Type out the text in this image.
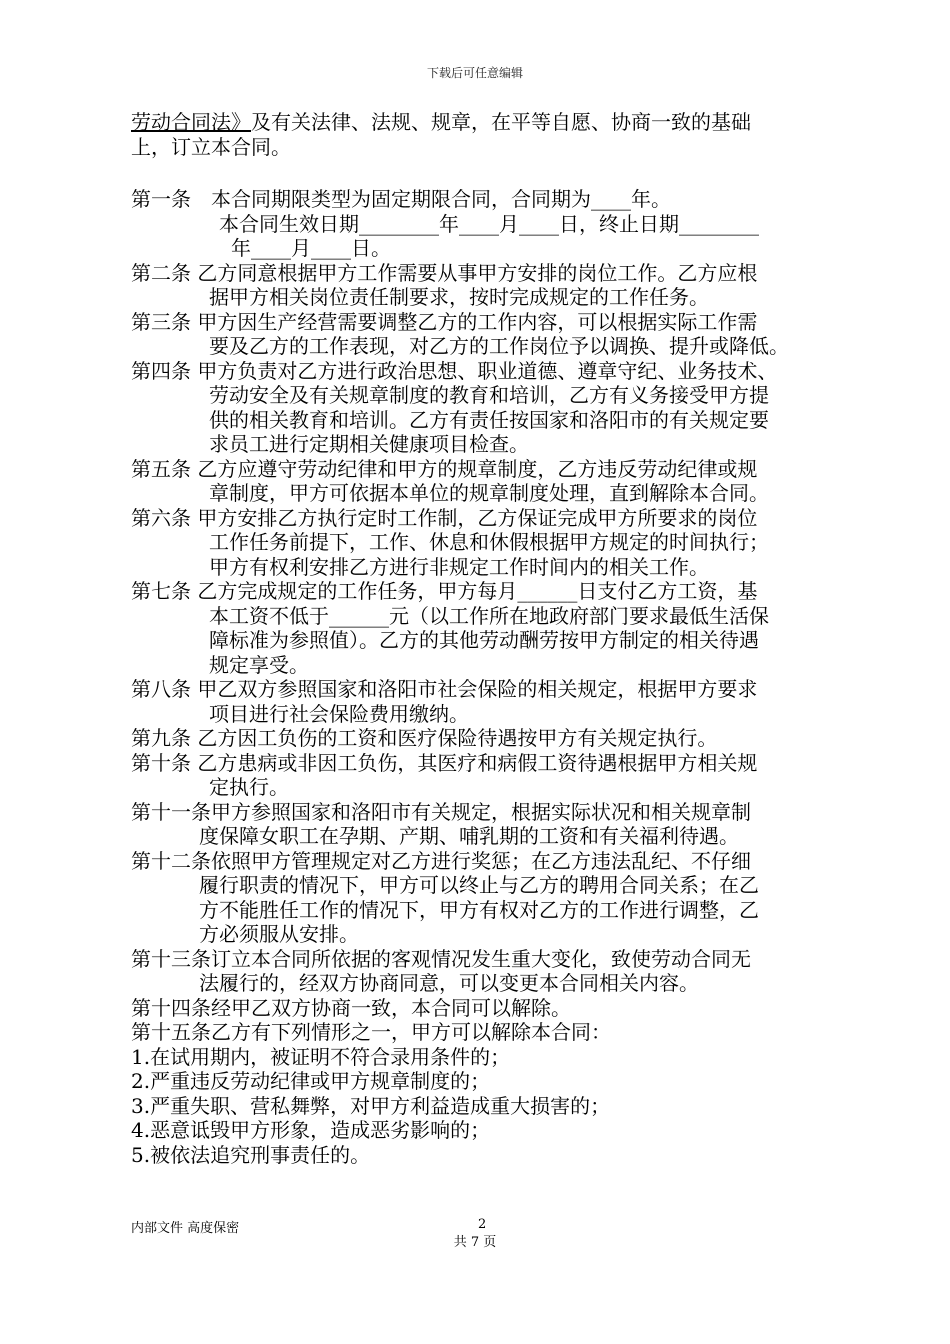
下载后可任意编辑
劳动合同法》及有关法律、法规、规章，在平等自愿、协商一致的基础
上，订立本合同。
第一条　本合同期限类型为固定期限合同，合同期为____年。
本合同生效日期________年____月____日，终止日期________
年____月____日。
第二条 乙方同意根据甲方工作需要从事甲方安排的岗位工作。乙方应根
据甲方相关岗位责任制要求，按时完成规定的工作任务。
第三条 甲方因生产经营需要调整乙方的工作内容，可以根据实际工作需
要及乙方的工作表现，对乙方的工作岗位予以调换、提升或降低。
第四条 甲方负责对乙方进行政治思想、职业道德、遵章守纪、业务技术、
劳动安全及有关规章制度的教育和培训，乙方有义务接受甲方提
供的相关教育和培训。乙方有责任按国家和洛阳市的有关规定要
求员工进行定期相关健康项目检查。
第五条 乙方应遵守劳动纪律和甲方的规章制度，乙方违反劳动纪律或规
章制度，甲方可依据本单位的规章制度处理，直到解除本合同。
第六条 甲方安排乙方执行定时工作制，乙方保证完成甲方所要求的岗位
工作任务前提下，工作、休息和休假根据甲方规定的时间执行；
甲方有权利安排乙方进行非规定工作时间内的相关工作。
第七条 乙方完成规定的工作任务，甲方每月______日支付乙方工资，基
本工资不低于______元（以工作所在地政府部门要求最低生活保
障标准为参照值）。乙方的其他劳动酬劳按甲方制定的相关待遇
规定享受。
第八条 甲乙双方参照国家和洛阳市社会保险的相关规定，根据甲方要求
项目进行社会保险费用缴纳。
第九条 乙方因工负伤的工资和医疗保险待遇按甲方有关规定执行。
第十条 乙方患病或非因工负伤，其医疗和病假工资待遇根据甲方相关规
定执行。
第十一条甲方参照国家和洛阳市有关规定，根据实际状况和相关规章制
度保障女职工在孕期、产期、哺乳期的工资和有关福利待遇。
第十二条依照甲方管理规定对乙方进行奖惩；在乙方违法乱纪、不仔细
履行职责的情况下，甲方可以终止与乙方的聘用合同关系；在乙
方不能胜任工作的情况下，甲方有权对乙方的工作进行调整，乙
方必须服从安排。
第十三条订立本合同所依据的客观情况发生重大变化，致使劳动合同无
法履行的，经双方协商同意，可以变更本合同相关内容。
第十四条经甲乙双方协商一致，本合同可以解除。
第十五条乙方有下列情形之一，甲方可以解除本合同：
1.在试用期内，被证明不符合录用条件的；
2.严重违反劳动纪律或甲方规章制度的；
3.严重失职、营私舞弊，对甲方利益造成重大损害的；
4.恶意诋毁甲方形象，造成恶劣影响的；
5.被依法追究刑事责任的。
内部文件 高度保密	2
共 7 页
